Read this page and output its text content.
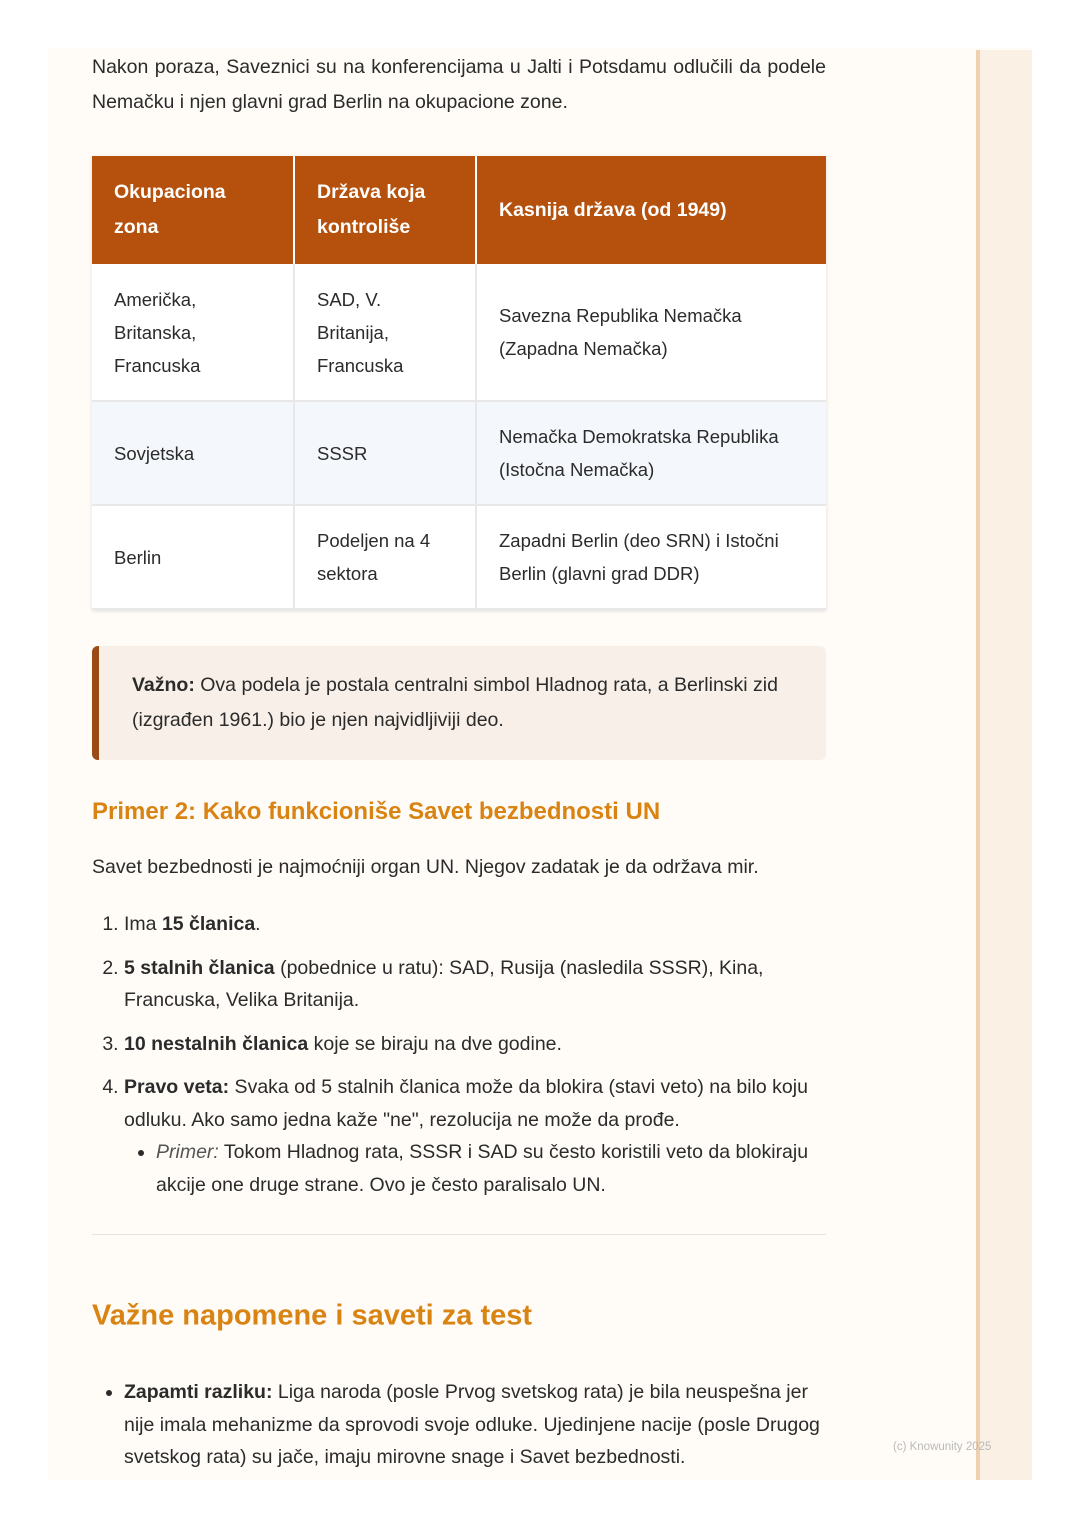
Nakon poraza, Saveznici su na konferencijama u Jalti i Potsdamu odlučili da podele Nemačku i njen glavni grad Berlin na okupacione zone.

Okupaciona zona	Država koja kontroliše	Kasnija država (od 1949)
Američka, Britanska, Francuska	SAD, V. Britanija, Francuska	Savezna Republika Nemačka (Zapadna Nemačka)
Sovjetska	SSSR	Nemačka Demokratska Republika (Istočna Nemačka)
Berlin	Podeljen na 4 sektora	Zapadni Berlin (deo SRN) i Istočni Berlin (glavni grad DDR)
Važno: Ova podela je postala centralni simbol Hladnog rata, a Berlinski zid (izgrađen 1961.) bio je njen najvidljiviji deo.
Primer 2: Kako funkcioniše Savet bezbednosti UN

Savet bezbednosti je najmoćniji organ UN. Njegov zadatak je da održava mir.

1. Ima 15 članica.
2. 5 stalnih članica (pobednice u ratu): SAD, Rusija (nasledila SSSR), Kina, Francuska, Velika Britanija.
3. 10 nestalnih članica koje se biraju na dve godine.
4. Pravo veta: Svaka od 5 stalnih članica može da blokira (stavi veto) na bilo koju odluku. Ako samo jedna kaže "ne", rezolucija ne može da prođe.
• Primer: Tokom Hladnog rata, SSSR i SAD su često koristili veto da blokiraju akcije one druge strane. Ovo je često paralisalo UN.
Važne napomene i saveti za test
• Zapamti razliku: Liga naroda (posle Prvog svetskog rata) je bila neuspešna jer nije imala mehanizme da sprovodi svoje odluke. Ujedinjene nacije (posle Drugog svetskog rata) su jače, imaju mirovne snage i Savet bezbednosti.	(c) Knowunity 2025
